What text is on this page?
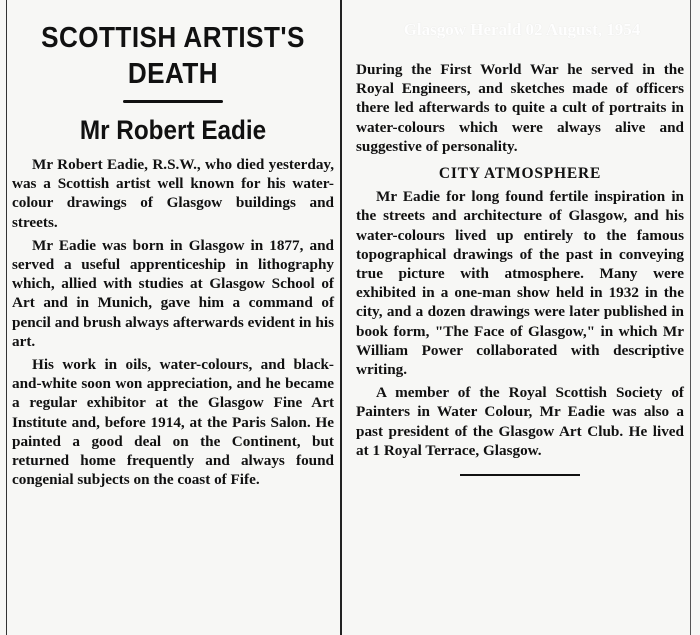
SCOTTISH ARTIST'S
DEATH
Mr Robert Eadie

Mr Robert Eadie, R.S.W., who died yesterday, was a Scottish artist well known for his water-colour drawings of Glasgow buildings and streets.

Mr Eadie was born in Glasgow in 1877, and served a useful apprenticeship in lithography which, allied with studies at Glasgow School of Art and in Munich, gave him a command of pencil and brush always afterwards evident in his art.

His work in oils, water-colours, and black-and-white soon won appreciation, and he became a regular exhibitor at the Glasgow Fine Art Institute and, before 1914, at the Paris Salon. He painted a good deal on the Continent, but returned home frequently and always found congenial subjects on the coast of Fife.

During the First World War he served in the Royal Engineers, and sketches made of officers there led afterwards to quite a cult of portraits in water-colours which were always alive and suggestive of personality.

CITY ATMOSPHERE

Mr Eadie for long found fertile inspiration in the streets and architecture of Glasgow, and his water-colours lived up entirely to the famous topographical drawings of the past in conveying true picture with atmosphere. Many were exhibited in a one-man show held in 1932 in the city, and a dozen drawings were later published in book form, "The Face of Glasgow," in which Mr William Power collaborated with descriptive writing.

A member of the Royal Scottish Society of Painters in Water Colour, Mr Eadie was also a past president of the Glasgow Art Club. He lived at 1 Royal Terrace, Glasgow.

Glasgow Herald 02 August, 1954
